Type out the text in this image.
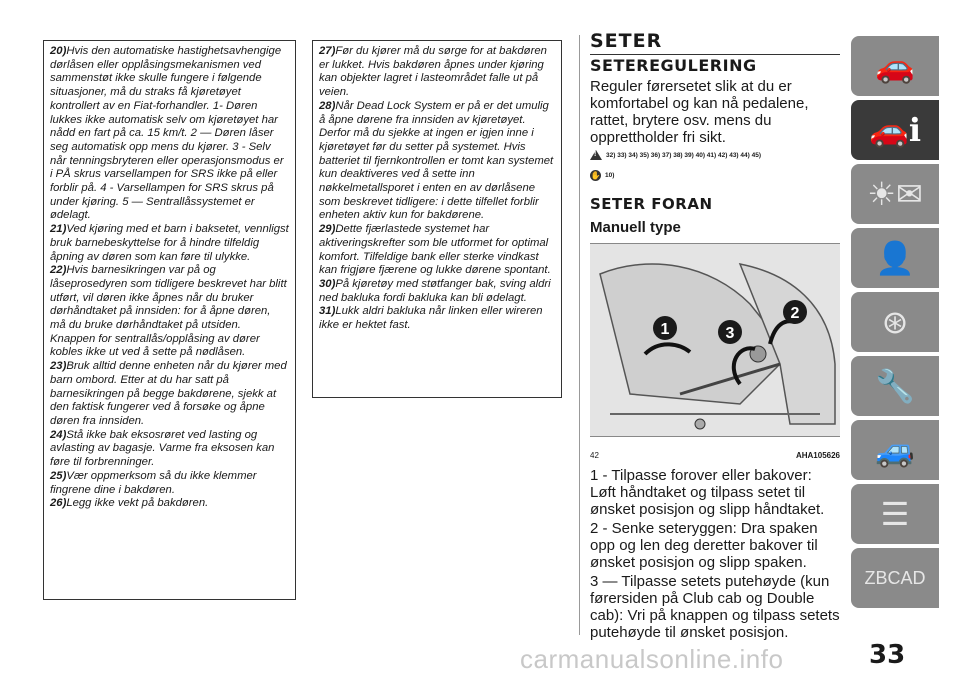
20)Hvis den automatiske hastighetsavhengige dørlåsen eller opplåsingsmekanismen ved sammenstøt ikke skulle fungere i følgende situasjoner, må du straks få kjøretøyet kontrollert av en Fiat-forhandler. 1- Døren lukkes ikke automatisk selv om kjøretøyet har nådd en fart på ca. 15 km/t. 2 — Døren låser seg automatisk opp mens du kjører. 3 - Selv når tenningsbryteren eller operasjonsmodus er i PÅ skrus varsellampen for SRS ikke på eller forblir på. 4 - Varsellampen for SRS skrus på under kjøring. 5 — Sentrallåssystemet er ødelagt.

21)Ved kjøring med et barn i baksetet, vennligst bruk barnebeskyttelse for å hindre tilfeldig åpning av døren som kan føre til ulykke.

22)Hvis barnesikringen var på og låseprosedyren som tidligere beskrevet har blitt utført, vil døren ikke åpnes når du bruker dørhåndtaket på innsiden: for å åpne døren, må du bruke dørhåndtaket på utsiden. Knappen for sentrallås/opplåsing av dører kobles ikke ut ved å sette på nødlåsen.

23)Bruk alltid denne enheten når du kjører med barn ombord. Etter at du har satt på barnesikringen på begge bakdørene, sjekk at den faktisk fungerer ved å forsøke og åpne døren fra innsiden.

24)Stå ikke bak eksosrøret ved lasting og avlasting av bagasje. Varme fra eksosen kan føre til forbrenninger.

25)Vær oppmerksom så du ikke klemmer fingrene dine i bakdøren.

26)Legg ikke vekt på bakdøren.

27)Før du kjører må du sørge for at bakdøren er lukket. Hvis bakdøren åpnes under kjøring kan objekter lagret i lasteområdet falle ut på veien.

28)Når Dead Lock System er på er det umulig å åpne dørene fra innsiden av kjøretøyet. Derfor må du sjekke at ingen er igjen inne i kjøretøyet før du setter på systemet. Hvis batteriet til fjernkontrollen er tomt kan systemet kun deaktiveres ved å sette inn nøkkelmetallsporet i enten en av dørlåsene som beskrevet tidligere: i dette tilfellet forblir enheten aktiv kun for bakdørene.

29)Dette fjærlastede systemet har aktiveringskrefter som ble utformet for optimal komfort. Tilfeldige bank eller sterke vindkast kan frigjøre fjærene og lukke dørene spontant.

30)På kjøretøy med støtfanger bak, sving aldri ned bakluka fordi bakluka kan bli ødelagt.

31)Lukk aldri bakluka når linken eller wireren ikke er hektet fast.

SETER
SETEREGULERING

Reguler førersetet slik at du er komfortabel og kan nå pedalene, rattet, brytere osv. mens du opprettholder fri sikt.

!
32) 33) 34) 35) 36) 37) 38) 39) 40) 41) 42) 43) 44) 45)
✋ 10)
SETER FORAN
Manuell type
1
2
3
42	AHA105626

1 - Tilpasse forover eller bakover: Løft håndtaket og tilpass setet til ønsket posisjon og slipp håndtaket.

2 - Senke seteryggen: Dra spaken opp og len deg deretter bakover til ønsket posisjon og slipp spaken.

3 — Tilpasse setets putehøyde (kun førersiden på Club cab og Double cab): Vri på knappen og tilpass setets putehøyde til ønsket posisjon.

🚗
🚗ℹ
☀✉
👤
⊛
🔧
🚙
☰
ZBCAD

33

carmanualsonline.info
